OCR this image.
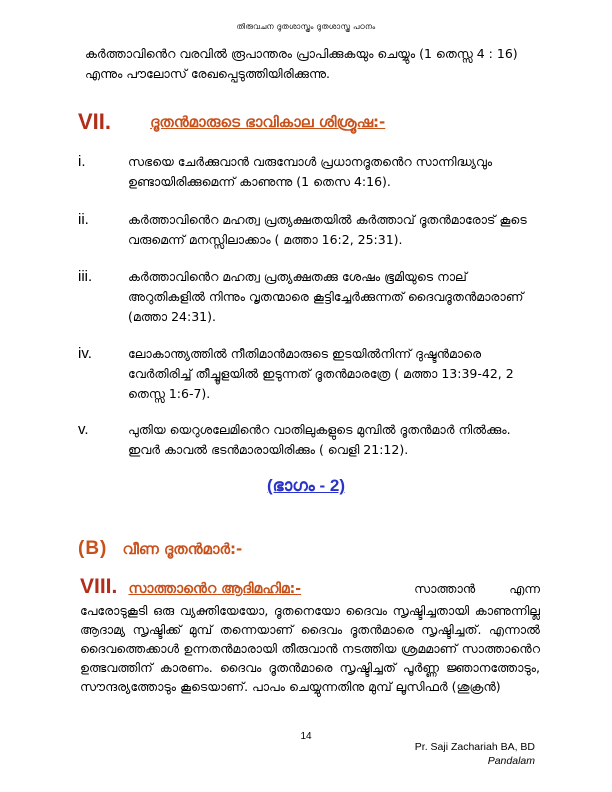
തിരുവചന ദൂതശാസ്ത്രം ദൂതശാസ്ത്ര പഠനം
കർത്താവിൻെറ വരവിൽ രൂപാന്തരം പ്രാപിക്കുകയും ചെയ്യും (1 തെസ്സ 4 : 16) എന്നും പൗലോസ് രേഖപ്പെടുത്തിയിരിക്കുന്നു.
VII.	ദൂതൻമാരുടെ ഭാവികാല ശിശ്രൂഷ:-
i.	സഭയെ ചേർക്കുവാൻ വരുമ്പോൾ പ്രധാനദൂതൻെറ സാന്നിദ്ധ്യവും ഉണ്ടായിരിക്കുമെന്ന് കാണുന്നു (1 തെസ 4:16).
ii.	കർത്താവിൻെറ മഹത്വ പ്രത്യക്ഷതയിൽ കർത്താവ് ദൂതൻമാരോട് കൂടെ വരുമെന്ന് മനസ്സിലാക്കാം ( മത്താ 16:2, 25:31).
iii.	കർത്താവിൻെറ മഹത്വ പ്രത്യക്ഷതക്കു ശേഷം ഭൂമിയുടെ നാല് അറുതികളിൽ നിന്നും വൃതന്മാരെ കൂട്ടിച്ചേർക്കുന്നത് ദൈവദൂതൻമാരാണ് (മത്താ 24:31).
iv.	ലോകാന്ത്യത്തിൽ നീതിമാൻമാരുടെ ഇടയിൽനിന്ന് ദുഷ്ടൻമാരെ വേർതിരിച്ച് തീച്ചൂളയിൽ ഇടുന്നത് ദൂതൻമാരത്രേ ( മത്താ 13:39-42, 2 തെസ്സ 1:6-7).
v.	പുതിയ യെറുശലേമിൻെറ വാതിലുകളുടെ മുമ്പിൽ ദൂതൻമാർ നിൽക്കും. ഇവർ കാവൽ ഭടൻമാരായിരിക്കും ( വെളി 21:12).
(ഭാഗം - 2)
(B) വീണ ദൂതൻമാർ:-
VIII. സാത്താൻെറ ആദിമഹിമ:-	സാത്താൻ എന്ന
പേരോടുകൂടി ഒരു വ്യക്തിയേയോ, ദൂതനെയോ ദൈവം സൃഷ്ടിച്ചതായി കാണുന്നില്ല ആദാമ്യ സൃഷ്ടിക്ക് മുമ്പ് തന്നെയാണ് ദൈവം ദൂതൻമാരെ സൃഷ്ടിച്ചത്. എന്നാൽ ദൈവത്തെക്കാൾ ഉന്നതൻമാരായി തീരുവാൻ നടത്തിയ ശ്രമമാണ് സാത്താൻെറ ഉത്ഭവത്തിന് കാരണം. ദൈവം ദൂതൻമാരെ സൃഷ്ടിച്ചത് പൂർണ്ണ ജ്ഞാനത്തോടും, സൗന്ദര്യത്തോടും കൂടെയാണ്. പാപം ചെയ്യുന്നതിനു മുമ്പ് ലൂസിഫർ (ശുക്രൻ)
14
Pr. Saji Zachariah BA, BD
Pandalam
